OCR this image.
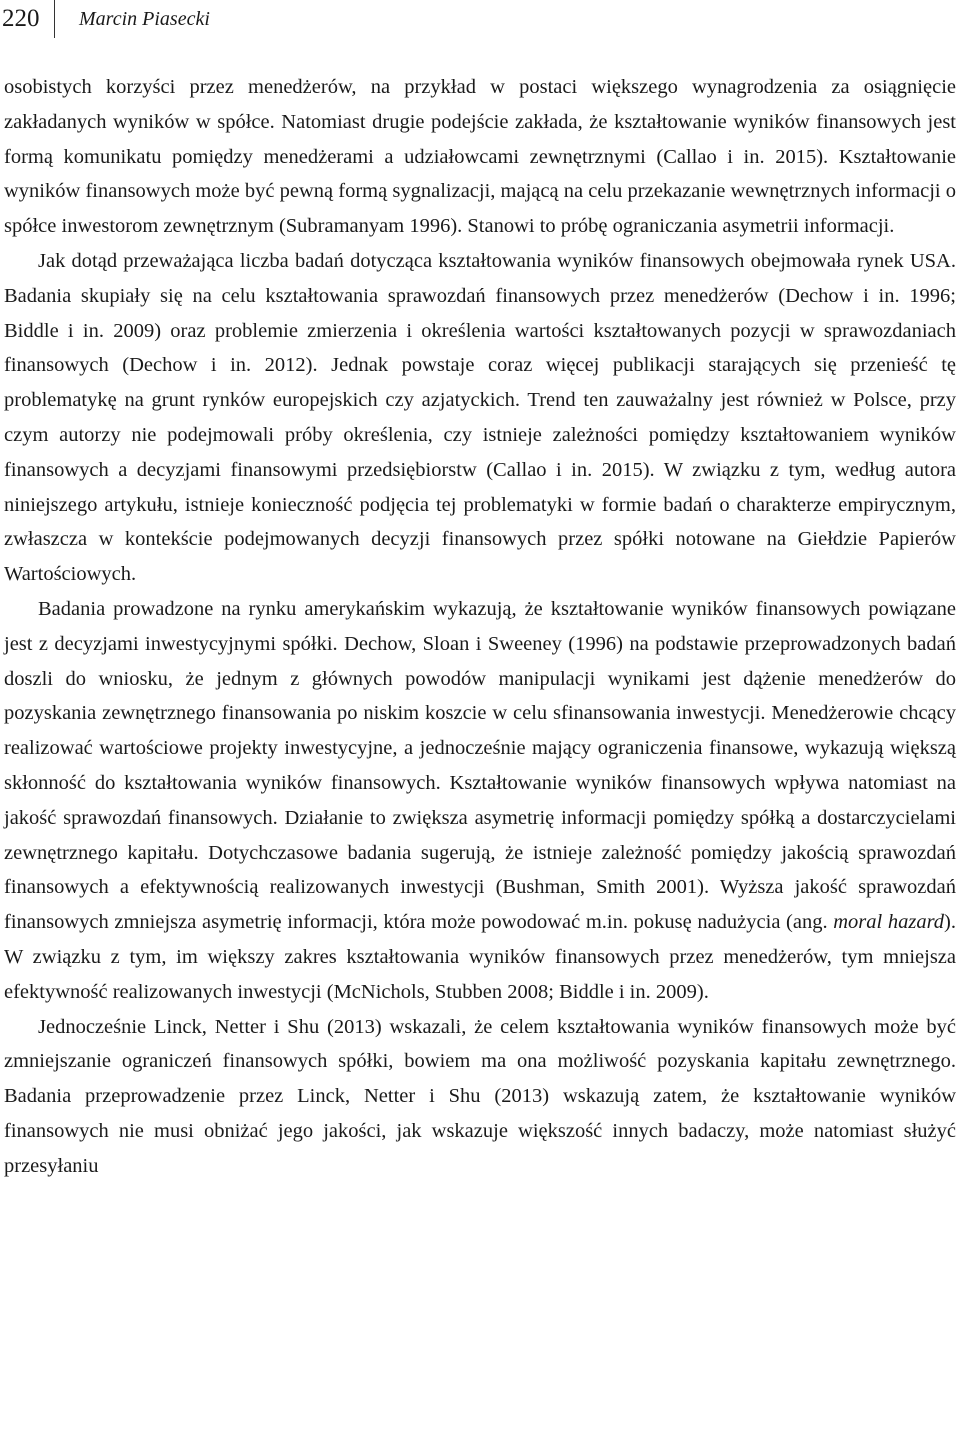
220	Marcin Piasecki

osobistych korzyści przez menedżerów, na przykład w postaci większego wynagrodzenia za osiągnięcie zakładanych wyników w spółce. Natomiast drugie podejście zakłada, że kształtowanie wyników finansowych jest formą komunikatu pomiędzy menedżerami a udziałowcami zewnętrznymi (Callao i in. 2015). Kształtowanie wyników finansowych może być pewną formą sygnalizacji, mającą na celu przekazanie wewnętrznych informacji o spółce inwestorom zewnętrznym (Subramanyam 1996). Stanowi to próbę ograniczania asymetrii informacji.

Jak dotąd przeważająca liczba badań dotycząca kształtowania wyników finansowych obejmowała rynek USA. Badania skupiały się na celu kształtowania sprawozdań finansowych przez menedżerów (Dechow i in. 1996; Biddle i in. 2009) oraz problemie zmierzenia i określenia wartości kształtowanych pozycji w sprawozdaniach finansowych (Dechow i in. 2012). Jednak powstaje coraz więcej publikacji starających się przenieść tę problematykę na grunt rynków europejskich czy azjatyckich. Trend ten zauważalny jest również w Polsce, przy czym autorzy nie podejmowali próby określenia, czy istnieje zależności pomiędzy kształtowaniem wyników finansowych a decyzjami finansowymi przedsiębiorstw (Callao i in. 2015). W związku z tym, według autora niniejszego artykułu, istnieje konieczność podjęcia tej problematyki w formie badań o charakterze empirycznym, zwłaszcza w kontekście podejmowanych decyzji finansowych przez spółki notowane na Giełdzie Papierów Wartościowych.

Badania prowadzone na rynku amerykańskim wykazują, że kształtowanie wyników finansowych powiązane jest z decyzjami inwestycyjnymi spółki. Dechow, Sloan i Sweeney (1996) na podstawie przeprowadzonych badań doszli do wniosku, że jednym z głównych powodów manipulacji wynikami jest dążenie menedżerów do pozyskania zewnętrznego finansowania po niskim koszcie w celu sfinansowania inwestycji. Menedżerowie chcący realizować wartościowe projekty inwestycyjne, a jednocześnie mający ograniczenia finansowe, wykazują większą skłonność do kształtowania wyników finansowych. Kształtowanie wyników finansowych wpływa natomiast na jakość sprawozdań finansowych. Działanie to zwiększa asymetrię informacji pomiędzy spółką a dostarczycielami zewnętrznego kapitału. Dotychczasowe badania sugerują, że istnieje zależność pomiędzy jakością sprawozdań finansowych a efektywnością realizowanych inwestycji (Bushman, Smith 2001). Wyższa jakość sprawozdań finansowych zmniejsza asymetrię informacji, która może powodować m.in. pokusę nadużycia (ang. moral hazard). W związku z tym, im większy zakres kształtowania wyników finansowych przez menedżerów, tym mniejsza efektywność realizowanych inwestycji (McNichols, Stubben 2008; Biddle i in. 2009).

Jednocześnie Linck, Netter i Shu (2013) wskazali, że celem kształtowania wyników finansowych może być zmniejszanie ograniczeń finansowych spółki, bowiem ma ona możliwość pozyskania kapitału zewnętrznego. Badania przeprowadzenie przez Linck, Netter i Shu (2013) wskazują zatem, że kształtowanie wyników finansowych nie musi obniżać jego jakości, jak wskazuje większość innych badaczy, może natomiast służyć przesyłaniu
